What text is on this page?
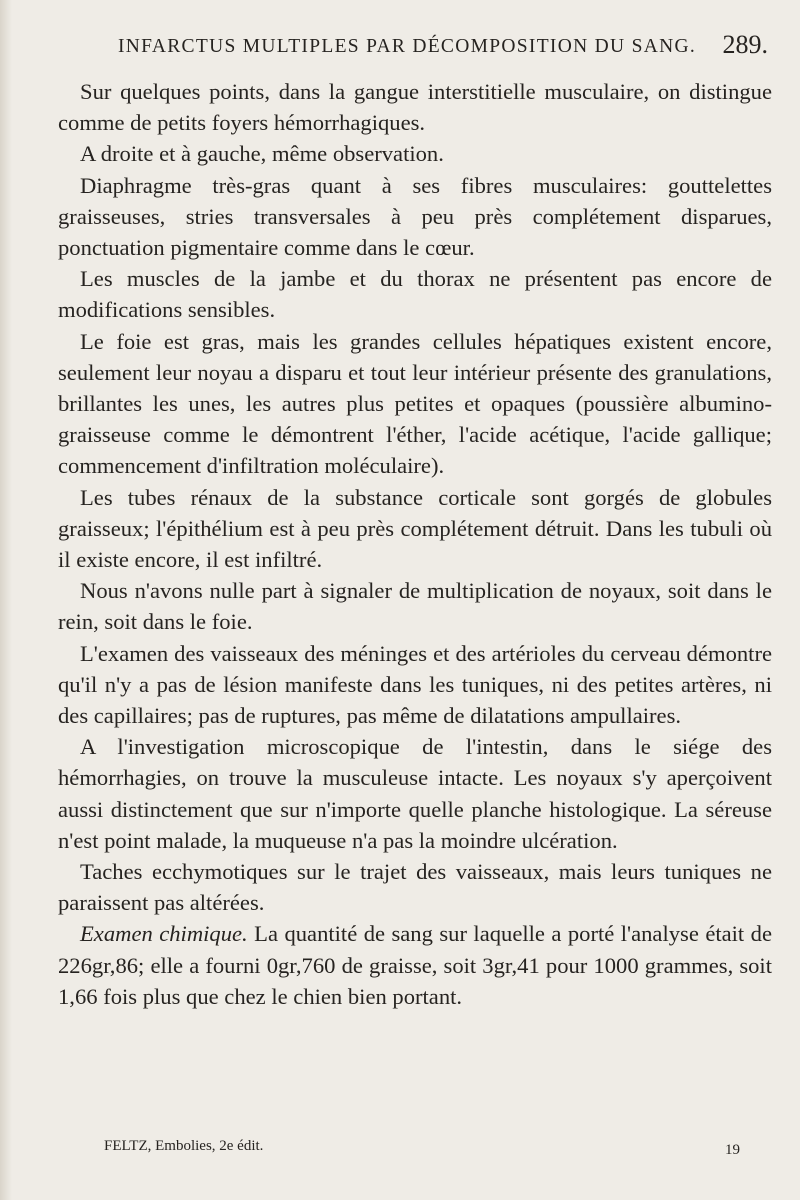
INFARCTUS MULTIPLES PAR DÉCOMPOSITION DU SANG. 289.

Sur quelques points, dans la gangue interstitielle musculaire, on distingue comme de petits foyers hémorrhagiques.

A droite et à gauche, même observation.

Diaphragme très-gras quant à ses fibres musculaires: gouttelettes graisseuses, stries transversales à peu près complétement disparues, ponctuation pigmentaire comme dans le cœur.

Les muscles de la jambe et du thorax ne présentent pas encore de modifications sensibles.

Le foie est gras, mais les grandes cellules hépatiques existent encore, seulement leur noyau a disparu et tout leur intérieur présente des granulations, brillantes les unes, les autres plus petites et opaques (poussière albumino-graisseuse comme le démontrent l'éther, l'acide acétique, l'acide gallique; commencement d'infiltration moléculaire).

Les tubes rénaux de la substance corticale sont gorgés de globules graisseux; l'épithélium est à peu près complétement détruit. Dans les tubuli où il existe encore, il est infiltré.

Nous n'avons nulle part à signaler de multiplication de noyaux, soit dans le rein, soit dans le foie.

L'examen des vaisseaux des méninges et des artérioles du cerveau démontre qu'il n'y a pas de lésion manifeste dans les tuniques, ni des petites artères, ni des capillaires; pas de ruptures, pas même de dilatations ampullaires.

A l'investigation microscopique de l'intestin, dans le siége des hémorrhagies, on trouve la musculeuse intacte. Les noyaux s'y aperçoivent aussi distinctement que sur n'importe quelle planche histologique. La séreuse n'est point malade, la muqueuse n'a pas la moindre ulcération.

Taches ecchymotiques sur le trajet des vaisseaux, mais leurs tuniques ne paraissent pas altérées.

Examen chimique. La quantité de sang sur laquelle a porté l'analyse était de 226gr,86; elle a fourni 0gr,760 de graisse, soit 3gr,41 pour 1000 grammes, soit 1,66 fois plus que chez le chien bien portant.

FELTZ, Embolies, 2e édit.	19
